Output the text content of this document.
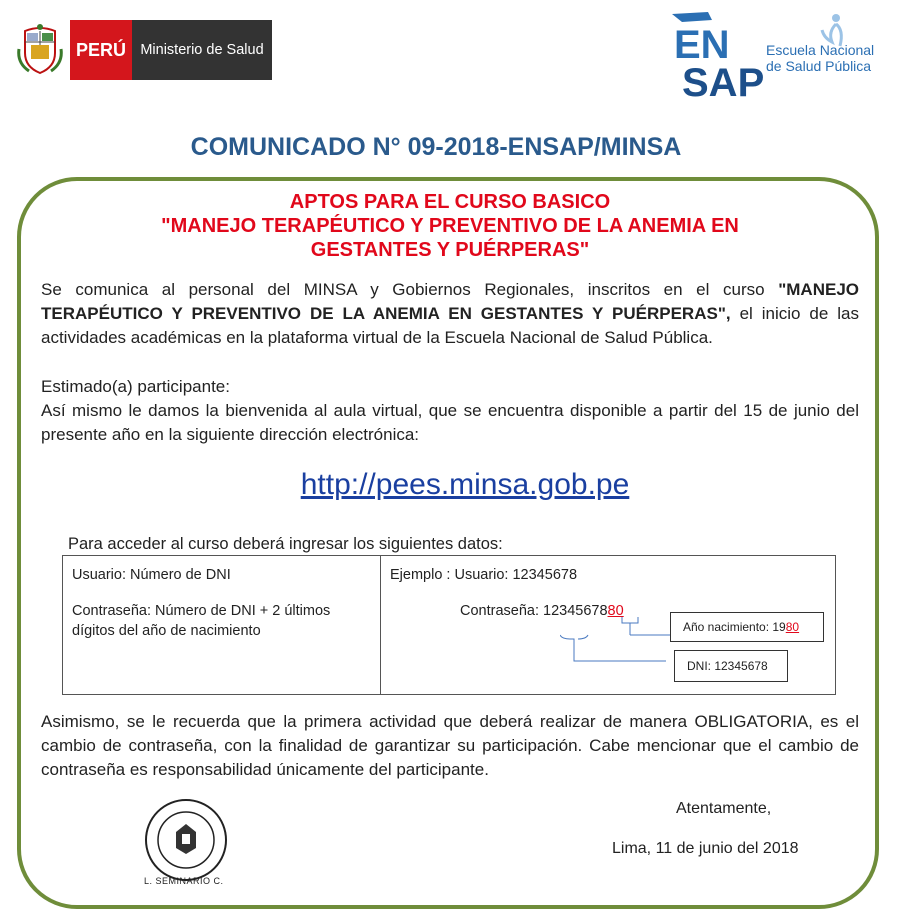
PERÚ Ministerio de Salud	EN
SAP
Escuela Nacional
de Salud Pública
COMUNICADO N° 09-2018-ENSAP/MINSA
APTOS PARA EL CURSO BASICO
"MANEJO TERAPÉUTICO Y PREVENTIVO DE LA ANEMIA EN
GESTANTES Y PUÉRPERAS"
Se comunica al personal del MINSA y Gobiernos Regionales, inscritos en el curso "MANEJO TERAPÉUTICO Y PREVENTIVO DE LA ANEMIA EN GESTANTES Y PUÉRPERAS", el inicio de las actividades académicas en la plataforma virtual de la Escuela Nacional de Salud Pública.
Estimado(a) participante:
Así mismo le damos la bienvenida al aula virtual, que se encuentra disponible a partir del 15 de junio del presente año en la siguiente dirección electrónica:
http://pees.minsa.gob.pe
Para acceder al curso deberá ingresar los siguientes datos:
Usuario: Número de DNI
Contraseña: Número de DNI + 2 últimos dígitos del año de nacimiento
Ejemplo : Usuario: 12345678
Contraseña: 1234567880
Año nacimiento: 19 80
DNI: 12345678
Asimismo, se le recuerda que la primera actividad que deberá realizar de manera OBLIGATORIA, es el cambio de contraseña, con la finalidad de garantizar su participación. Cabe mencionar que el cambio de contraseña es responsabilidad únicamente del participante.
L. SEMINARIO C.
Atentamente,
Lima, 11 de junio del 2018
